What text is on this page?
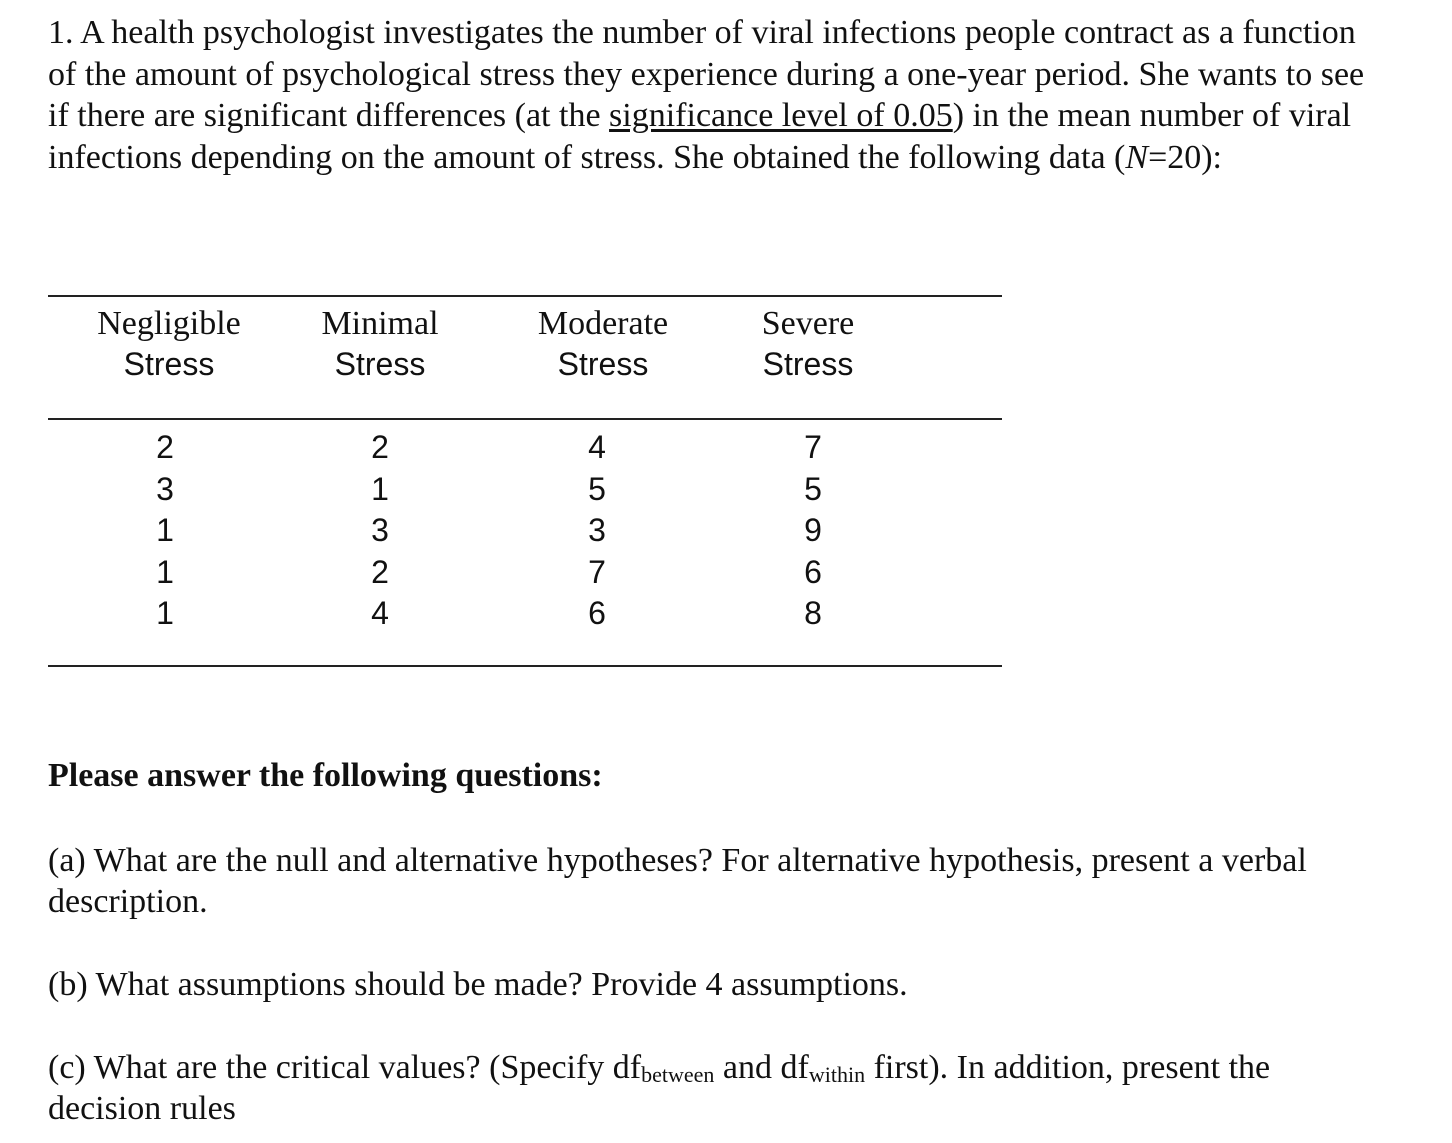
1. A health psychologist investigates the number of viral infections people contract as a function of the amount of psychological stress they experience during a one-year period. She wants to see if there are significant differences (at the significance level of 0.05) in the mean number of viral infections depending on the amount of stress. She obtained the following data (N=20):

Negligible
Stress
Minimal
Stress
Moderate
Stress
Severe
Stress
2
3
1
1
1
2
1
3
2
4
4
5
3
7
6
7
5
9
6
8

Please answer the following questions:

(a) What are the null and alternative hypotheses? For alternative hypothesis, present a verbal description.

(b) What assumptions should be made? Provide 4 assumptions.

(c) What are the critical values? (Specify $df_{between}$ and $df_{within}$ first). In addition, present the decision rules
